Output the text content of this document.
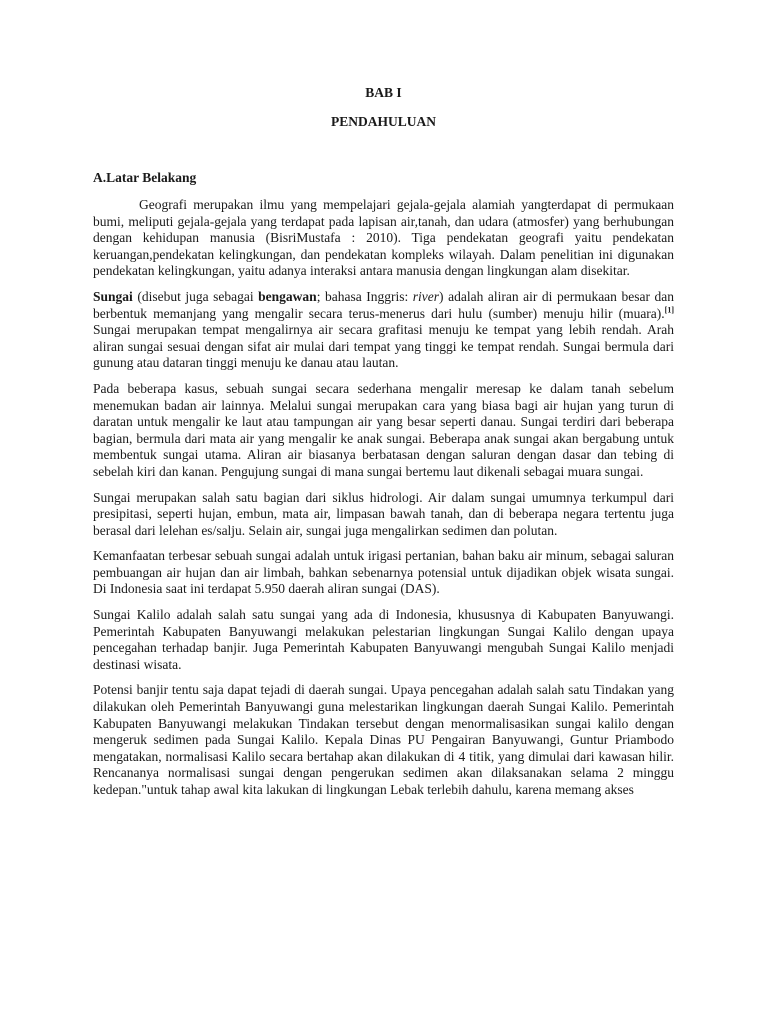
BAB I
PENDAHULUAN
A.Latar Belakang

Geografi merupakan ilmu yang mempelajari gejala-gejala alamiah yangterdapat di permukaan bumi, meliputi gejala-gejala yang terdapat pada lapisan air,tanah, dan udara (atmosfer) yang berhubungan dengan kehidupan manusia (BisriMustafa : 2010). Tiga pendekatan geografi yaitu pendekatan keruangan,pendekatan kelingkungan, dan pendekatan kompleks wilayah. Dalam penelitian ini digunakan pendekatan kelingkungan, yaitu adanya interaksi antara manusia dengan lingkungan alam disekitar.

Sungai (disebut juga sebagai bengawan; bahasa Inggris: river) adalah aliran air di permukaan besar dan berbentuk memanjang yang mengalir secara terus-menerus dari hulu (sumber) menuju hilir (muara).[1] Sungai merupakan tempat mengalirnya air secara grafitasi menuju ke tempat yang lebih rendah. Arah aliran sungai sesuai dengan sifat air mulai dari tempat yang tinggi ke tempat rendah. Sungai bermula dari gunung atau dataran tinggi menuju ke danau atau lautan.

Pada beberapa kasus, sebuah sungai secara sederhana mengalir meresap ke dalam tanah sebelum menemukan badan air lainnya. Melalui sungai merupakan cara yang biasa bagi air hujan yang turun di daratan untuk mengalir ke laut atau tampungan air yang besar seperti danau. Sungai terdiri dari beberapa bagian, bermula dari mata air yang mengalir ke anak sungai. Beberapa anak sungai akan bergabung untuk membentuk sungai utama. Aliran air biasanya berbatasan dengan saluran dengan dasar dan tebing di sebelah kiri dan kanan. Pengujung sungai di mana sungai bertemu laut dikenali sebagai muara sungai.

Sungai merupakan salah satu bagian dari siklus hidrologi. Air dalam sungai umumnya terkumpul dari presipitasi, seperti hujan, embun, mata air, limpasan bawah tanah, dan di beberapa negara tertentu juga berasal dari lelehan es/salju. Selain air, sungai juga mengalirkan sedimen dan polutan.

Kemanfaatan terbesar sebuah sungai adalah untuk irigasi pertanian, bahan baku air minum, sebagai saluran pembuangan air hujan dan air limbah, bahkan sebenarnya potensial untuk dijadikan objek wisata sungai. Di Indonesia saat ini terdapat 5.950 daerah aliran sungai (DAS).

Sungai Kalilo adalah salah satu sungai yang ada di Indonesia, khususnya di Kabupaten Banyuwangi. Pemerintah Kabupaten Banyuwangi melakukan pelestarian lingkungan Sungai Kalilo dengan upaya pencegahan terhadap banjir. Juga Pemerintah Kabupaten Banyuwangi mengubah Sungai Kalilo menjadi destinasi wisata.

Potensi banjir tentu saja dapat tejadi di daerah sungai. Upaya pencegahan adalah salah satu Tindakan yang dilakukan oleh Pemerintah Banyuwangi guna melestarikan lingkungan daerah Sungai Kalilo. Pemerintah Kabupaten Banyuwangi melakukan Tindakan tersebut dengan menormalisasikan sungai kalilo dengan mengeruk sedimen pada Sungai Kalilo. Kepala Dinas PU Pengairan Banyuwangi, Guntur Priambodo mengatakan, normalisasi Kalilo secara bertahap akan dilakukan di 4 titik, yang dimulai dari kawasan hilir. Rencananya normalisasi sungai dengan pengerukan sedimen akan dilaksanakan selama 2 minggu kedepan."untuk tahap awal kita lakukan di lingkungan Lebak terlebih dahulu, karena memang akses
